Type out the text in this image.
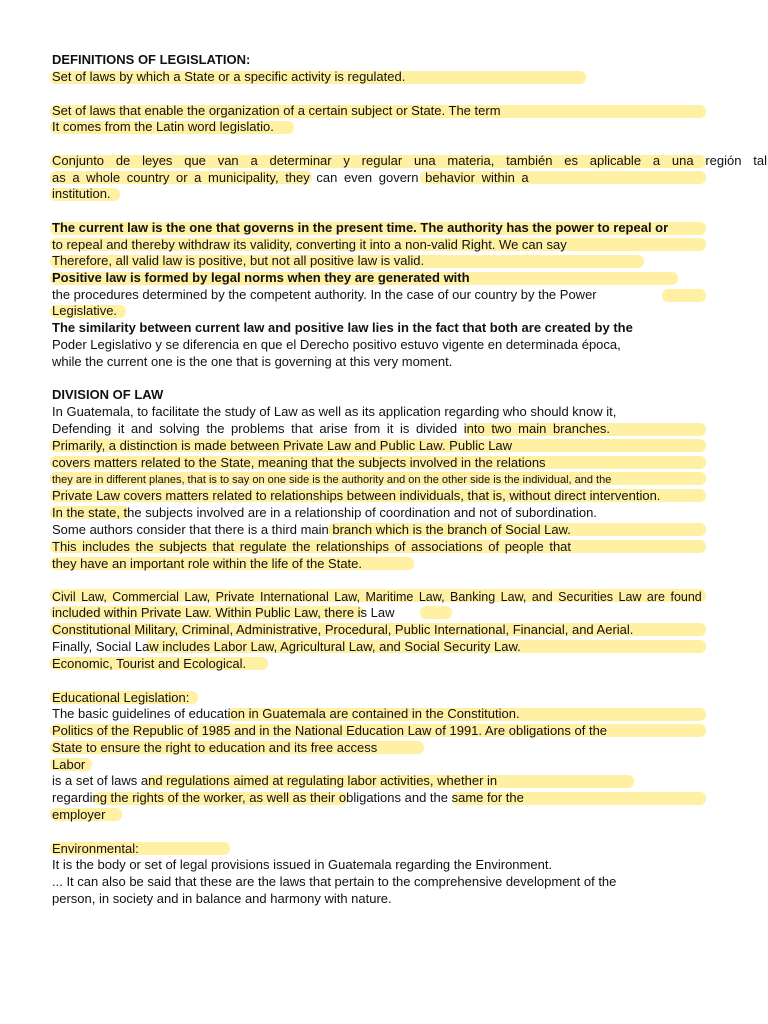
DEFINITIONS OF LEGISLATION:

Set of laws by which a State or a specific activity is regulated.

Set of laws that enable the organization of a certain subject or State. The term

It comes from the Latin word legislatio.

Conjunto de leyes que van a determinar y regular una materia, también es aplicable a una región tal

as a whole country or a municipality, they can even govern behavior within a

institution.

The current law is the one that governs in the present time. The authority has the power to repeal or

to repeal and thereby withdraw its validity, converting it into a non-valid Right. We can say

Therefore, all valid law is positive, but not all positive law is valid.

Positive law is formed by legal norms when they are generated with

the procedures determined by the competent authority. In the case of our country by the Power

Legislative.

The similarity between current law and positive law lies in the fact that both are created by the

Poder Legislativo y se diferencia en que el Derecho positivo estuvo vigente en determinada época,

while the current one is the one that is governing at this very moment.

DIVISION OF LAW

In Guatemala, to facilitate the study of Law as well as its application regarding who should know it,

Defending it and solving the problems that arise from it is divided into two main branches.

Primarily, a distinction is made between Private Law and Public Law. Public Law

covers matters related to the State, meaning that the subjects involved in the relations

they are in different planes, that is to say on one side is the authority and on the other side is the individual, and the

Private Law covers matters related to relationships between individuals, that is, without direct intervention.

In the state, the subjects involved are in a relationship of coordination and not of subordination.

Some authors consider that there is a third main branch which is the branch of Social Law.

This includes the subjects that regulate the relationships of associations of people that

they have an important role within the life of the State.

Civil Law, Commercial Law, Private International Law, Maritime Law, Banking Law, and Securities Law are found

included within Private Law. Within Public Law, there is Law

Constitutional Military, Criminal, Administrative, Procedural, Public International, Financial, and Aerial.

Finally, Social Law includes Labor Law, Agricultural Law, and Social Security Law.

Economic, Tourist and Ecological.

Educational Legislation:

The basic guidelines of education in Guatemala are contained in the Constitution.

Politics of the Republic of 1985 and in the National Education Law of 1991. Are obligations of the

State to ensure the right to education and its free access

Labor

is a set of laws and regulations aimed at regulating labor activities, whether in

regarding the rights of the worker, as well as their obligations and the same for the

employer

Environmental:

It is the body or set of legal provisions issued in Guatemala regarding the Environment.

... It can also be said that these are the laws that pertain to the comprehensive development of the

person, in society and in balance and harmony with nature.
